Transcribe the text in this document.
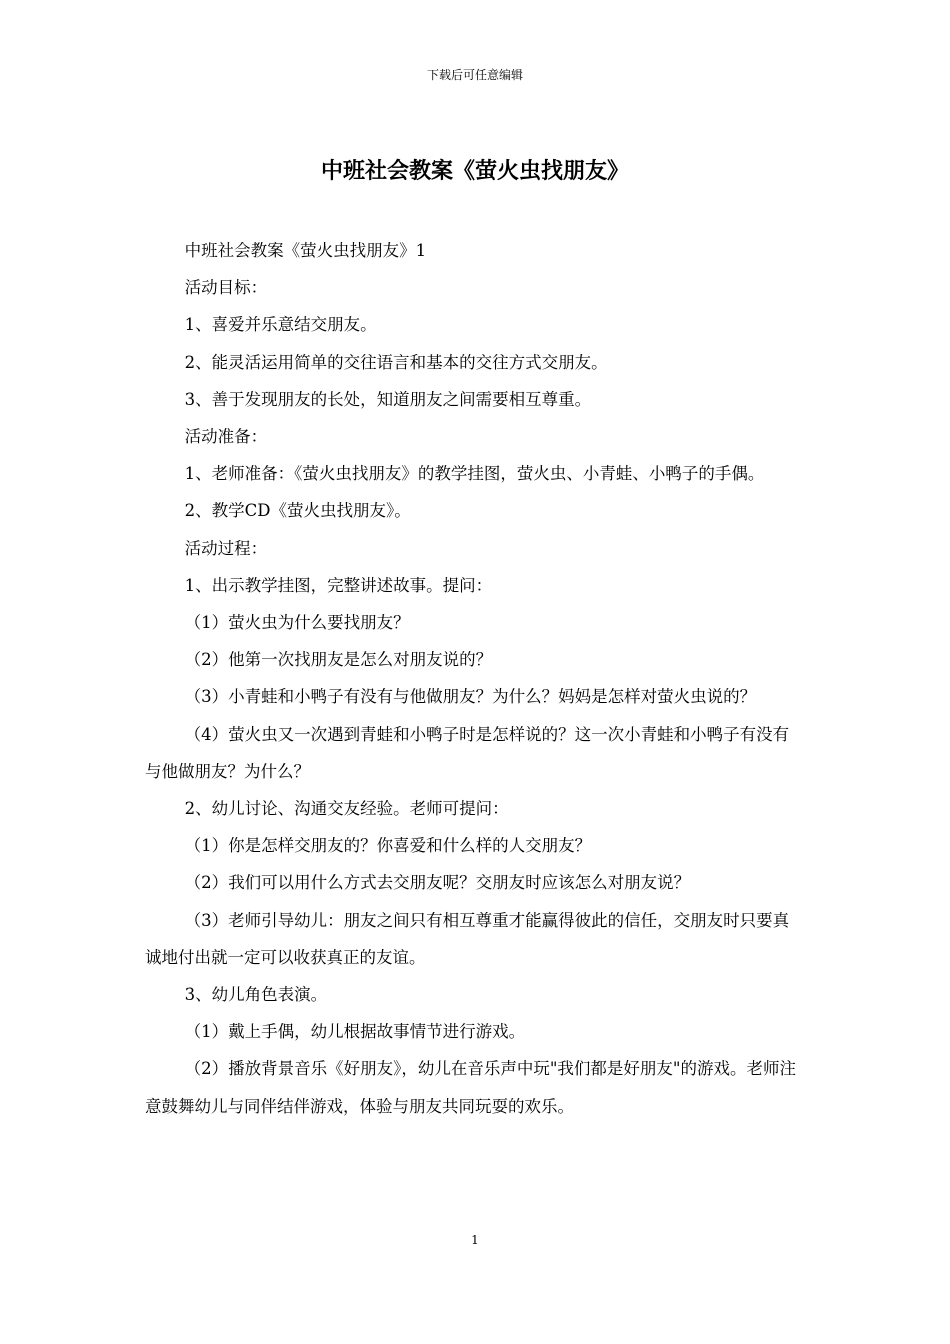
下载后可任意编辑
中班社会教案《萤火虫找朋友》

中班社会教案《萤火虫找朋友》1

活动目标：

1、喜爱并乐意结交朋友。

2、能灵活运用简单的交往语言和基本的交往方式交朋友。

3、善于发现朋友的长处，知道朋友之间需要相互尊重。

活动准备：

1、老师准备：《萤火虫找朋友》的教学挂图，萤火虫、小青蛙、小鸭子的手偶。

2、教学CD《萤火虫找朋友》。

活动过程：

1、出示教学挂图，完整讲述故事。提问：

（1）萤火虫为什么要找朋友？

（2）他第一次找朋友是怎么对朋友说的？

（3）小青蛙和小鸭子有没有与他做朋友？为什么？妈妈是怎样对萤火虫说的？

（4）萤火虫又一次遇到青蛙和小鸭子时是怎样说的？这一次小青蛙和小鸭子有没有与他做朋友？为什么？

2、幼儿讨论、沟通交友经验。老师可提问：

（1）你是怎样交朋友的？你喜爱和什么样的人交朋友？

（2）我们可以用什么方式去交朋友呢？交朋友时应该怎么对朋友说？

（3）老师引导幼儿：朋友之间只有相互尊重才能赢得彼此的信任，交朋友时只要真诚地付出就一定可以收获真正的友谊。

3、幼儿角色表演。

（1）戴上手偶，幼儿根据故事情节进行游戏。

（2）播放背景音乐《好朋友》，幼儿在音乐声中玩"我们都是好朋友"的游戏。老师注意鼓舞幼儿与同伴结伴游戏，体验与朋友共同玩耍的欢乐。

1
